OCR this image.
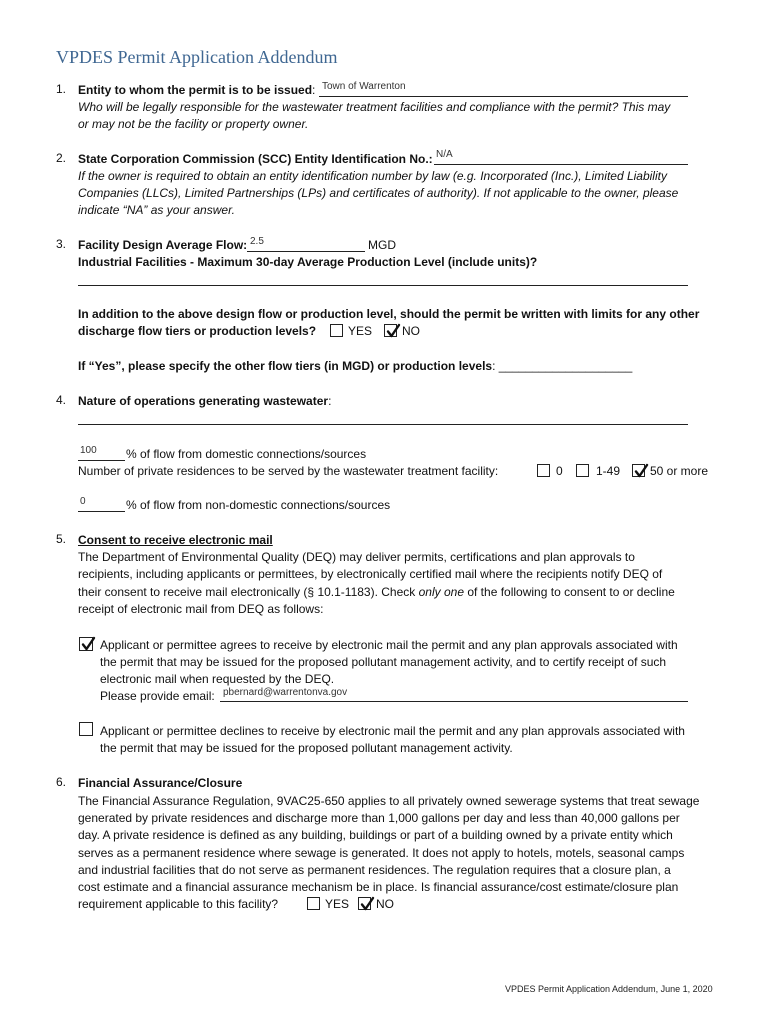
VPDES Permit Application Addendum
1. Entity to whom the permit is to be issued: Town of Warrenton
Who will be legally responsible for the wastewater treatment facilities and compliance with the permit? This may
or may not be the facility or property owner.
2. State Corporation Commission (SCC) Entity Identification No.: N/A
If the owner is required to obtain an entity identification number by law (e.g. Incorporated (Inc.), Limited Liability
Companies (LLCs), Limited Partnerships (LPs) and certificates of authority). If not applicable to the owner, please
indicate “NA” as your answer.
3. Facility Design Average Flow: 2.5	MGD
Industrial Facilities - Maximum 30-day Average Production Level (include units)?
In addition to the above design flow or production level, should the permit be written with limits for any other
discharge flow tiers or production levels?	YES NO
If “Yes”, please specify the other flow tiers (in MGD) or production levels: ____________________
4. Nature of operations generating wastewater:
100 % of flow from domestic connections/sources
Number of private residences to be served by the wastewater treatment facility:	0	1-49 50 or more
0	% of flow from non-domestic connections/sources
5. Consent to receive electronic mail
The Department of Environmental Quality (DEQ) may deliver permits, certifications and plan approvals to
recipients, including applicants or permittees, by electronically certified mail where the recipients notify DEQ of
their consent to receive mail electronically (§ 10.1-1183). Check only one of the following to consent to or decline
receipt of electronic mail from DEQ as follows:
Applicant or permittee agrees to receive by electronic mail the permit and any plan approvals associated with
the permit that may be issued for the proposed pollutant management activity, and to certify receipt of such
electronic mail when requested by the DEQ.
Please provide email: pbernard@warrentonva.gov
Applicant or permittee declines to receive by electronic mail the permit and any plan approvals associated with
the permit that may be issued for the proposed pollutant management activity.
6. Financial Assurance/Closure
The Financial Assurance Regulation, 9VAC25-650 applies to all privately owned sewerage systems that treat sewage
generated by private residences and discharge more than 1,000 gallons per day and less than 40,000 gallons per
day. A private residence is defined as any building, buildings or part of a building owned by a private entity which
serves as a permanent residence where sewage is generated. It does not apply to hotels, motels, seasonal camps
and industrial facilities that do not serve as permanent residences. The regulation requires that a closure plan, a
cost estimate and a financial assurance mechanism be in place. Is financial assurance/cost estimate/closure plan
requirement applicable to this facility?	YES NO
VPDES Permit Application Addendum, June 1, 2020
